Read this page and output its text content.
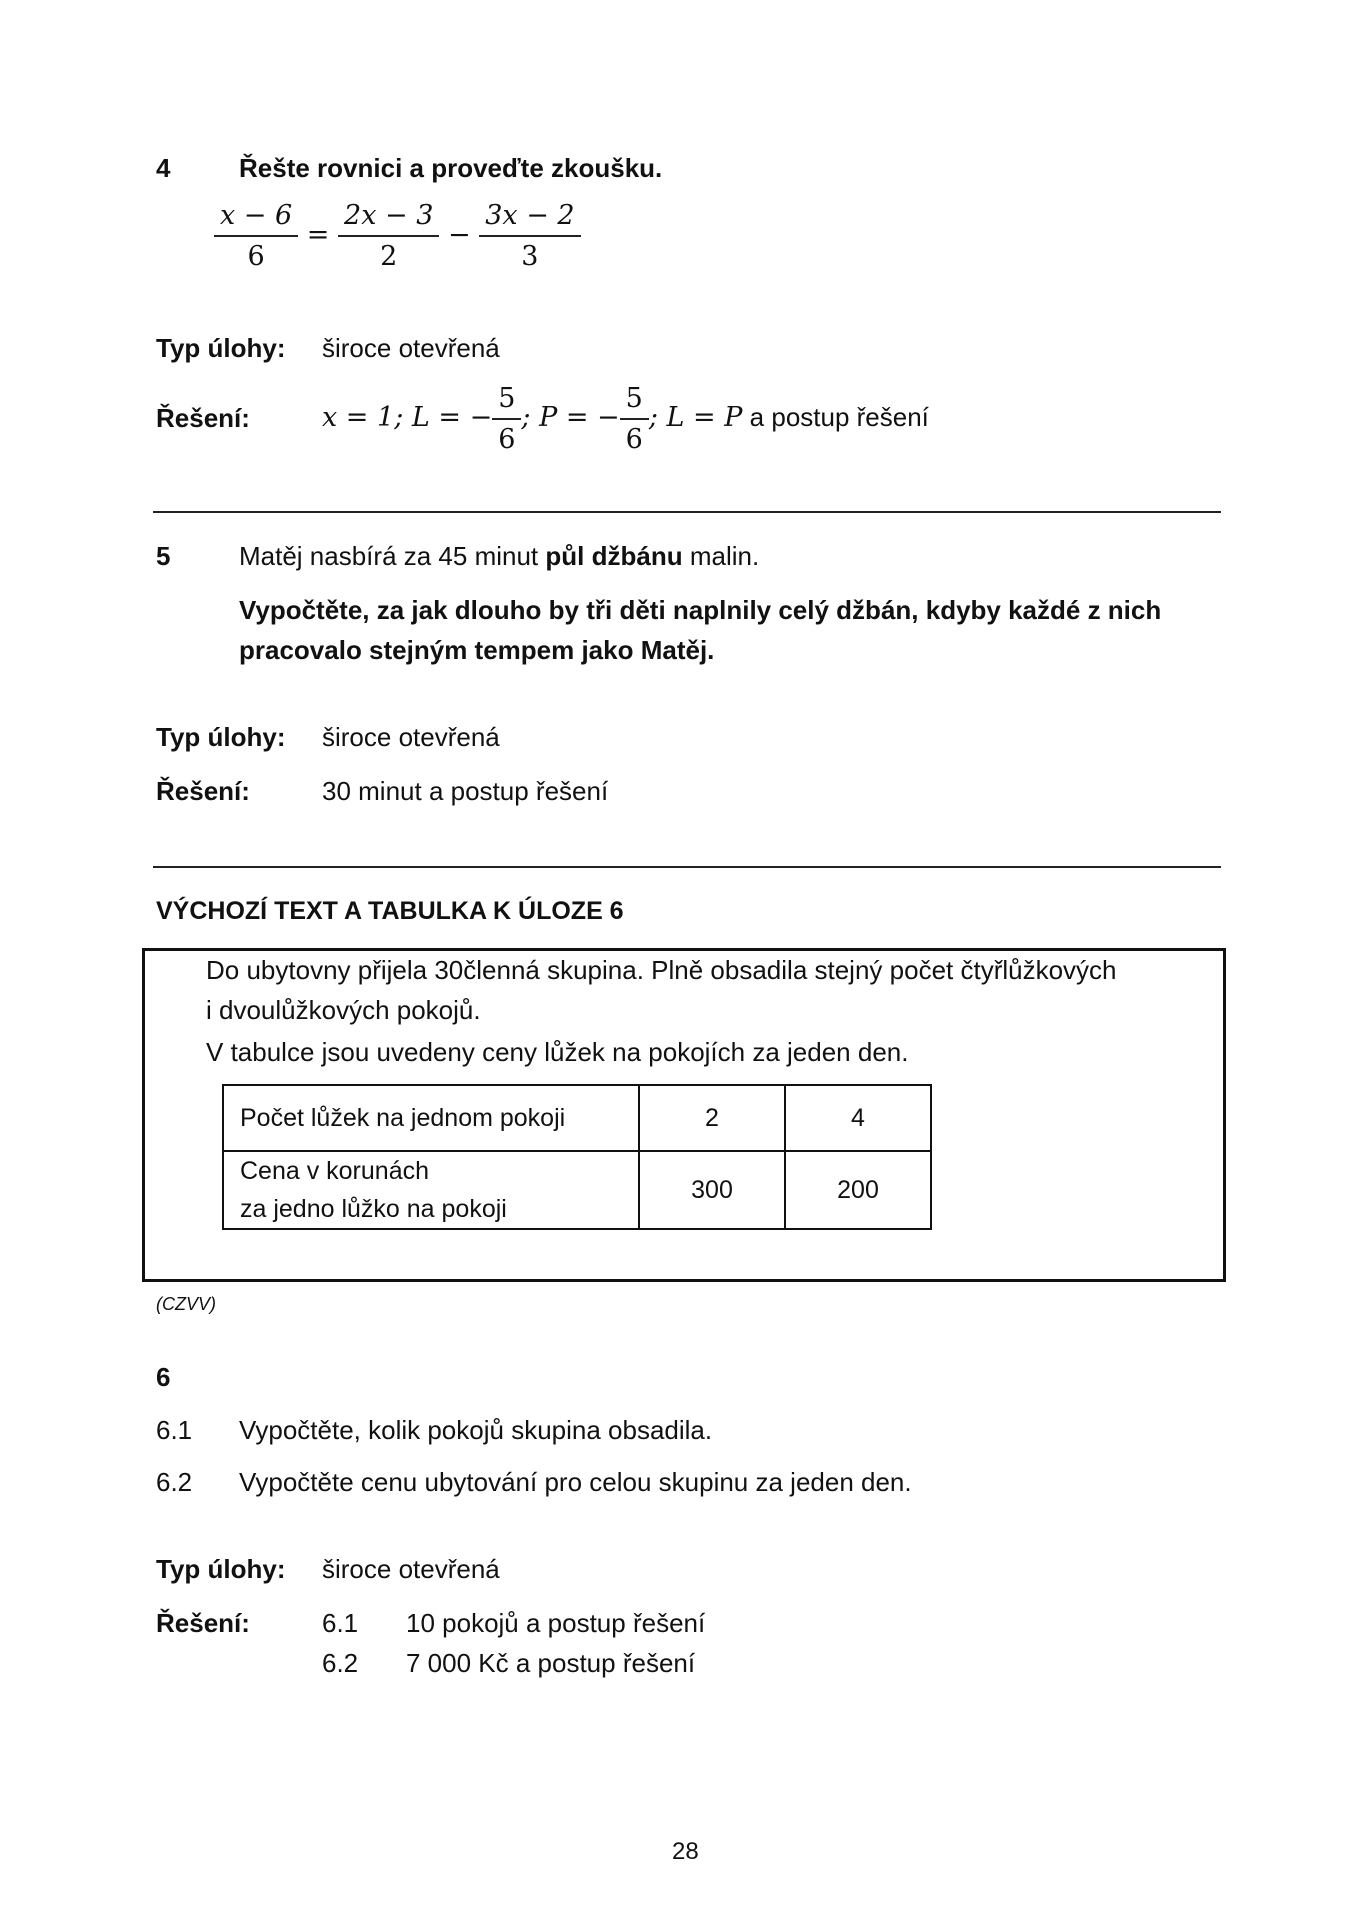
4	Řešte rovnici a proveďte zkoušku.
$\frac{x - 6}{6} = \frac{2x - 3}{2} - \frac{3x - 2}{3}$
Typ úlohy: široce otevřená
Řešení:	x = 1; L = − $\frac{5}{6}$ ; P = − $\frac{5}{6}$ ; L = P a postup řešení
5	Matěj nasbírá za 45 minut půl džbánu malin.
Vypočtěte, za jak dlouho by tři děti naplnily celý džbán, kdyby každé z nich
pracovalo stejným tempem jako Matěj.
Typ úlohy: široce otevřená
Řešení:	30 minut a postup řešení
VÝCHOZÍ TEXT A TABULKA K ÚLOZE 6
Do ubytovny přijela 30členná skupina. Plně obsadila stejný počet čtyřlůžkových
i dvoulůžkových pokojů.
V tabulce jsou uvedeny ceny lůžek na pokojích za jeden den.
Počet lůžek na jednom pokoji	2	4

Cena v korunách
za jedno lůžko na pokoji	300	200
(CZVV)
6
6.1 Vypočtěte, kolik pokojů skupina obsadila.
6.2 Vypočtěte cenu ubytování pro celou skupinu za jeden den.
Typ úlohy: široce otevřená
Řešení:	6.1 10 pokojů a postup řešení
6.2 7 000 Kč a postup řešení
28
